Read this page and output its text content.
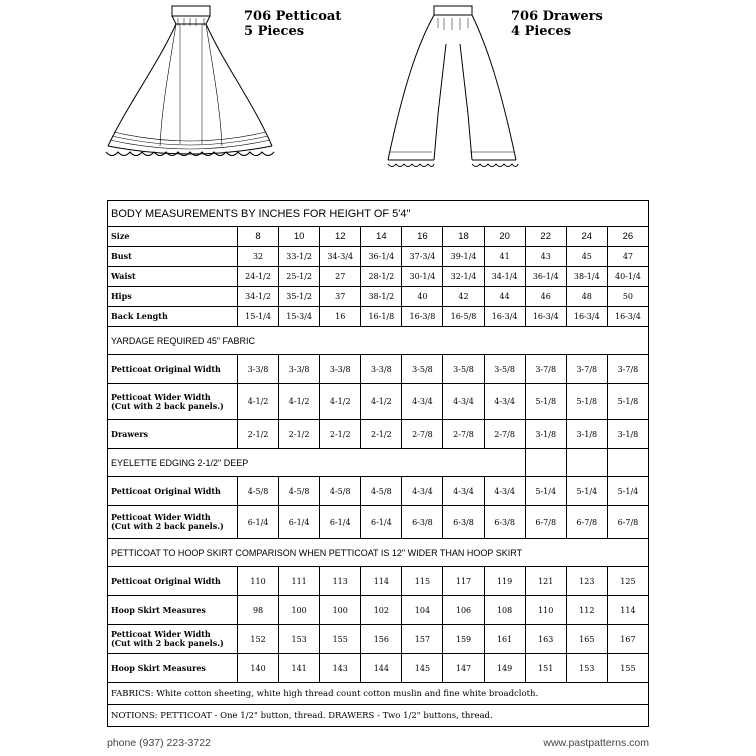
706 Petticoat
5 Pieces
706 Drawers
4 Pieces
BODY MEASUREMENTS BY INCHES FOR HEIGHT OF 5'4"										
Size	8	10	12	14	16	18	20	22	24	26
Bust	32	33-1/2	34-3/4	36-1/4	37-3/4	39-1/4	41	43	45	47
Waist	24-1/2	25-1/2	27	28-1/2	30-1/4	32-1/4	34-1/4	36-1/4	38-1/4	40-1/4
Hips	34-1/2	35-1/2	37	38-1/2	40	42	44	46	48	50
Back Length	15-1/4	15-3/4	16	16-1/8	16-3/8	16-5/8	16-3/4	16-3/4	16-3/4	16-3/4
YARDAGE REQUIRED 45" FABRIC										
Petticoat Original Width	3-3/8	3-3/8	3-3/8	3-3/8	3-5/8	3-5/8	3-5/8	3-7/8	3-7/8	3-7/8
Petticoat Wider Width
(Cut with 2 back panels.)	4-1/2	4-1/2	4-1/2	4-1/2	4-3/4	4-3/4	4-3/4	5-1/8	5-1/8	5-1/8
Drawers	2-1/2	2-1/2	2-1/2	2-1/2	2-7/8	2-7/8	2-7/8	3-1/8	3-1/8	3-1/8
EYELETTE EDGING 2-1/2" DEEP										
Petticoat Original Width	4-5/8	4-5/8	4-5/8	4-5/8	4-3/4	4-3/4	4-3/4	5-1/4	5-1/4	5-1/4
Petticoat Wider Width
(Cut with 2 back panels.)	6-1/4	6-1/4	6-1/4	6-1/4	6-3/8	6-3/8	6-3/8	6-7/8	6-7/8	6-7/8
PETTICOAT TO HOOP SKIRT COMPARISON WHEN PETTICOAT IS 12" WIDER THAN HOOP SKIRT										
Petticoat Original Width	110	111	113	114	115	117	119	121	123	125
Hoop Skirt Measures	98	100	100	102	104	106	108	110	112	114
Petticoat Wider Width
(Cut with 2 back panels.)	152	153	155	156	157	159	161	163	165	167
Hoop Skirt Measures	140	141	143	144	145	147	149	151	153	155
FABRICS: White cotton sheeting, white high thread count cotton muslin and fine white broadcloth.										
NOTIONS: PETTICOAT - One 1/2" button, thread. DRAWERS - Two 1/2" buttons, thread.										
phone (937) 223-3722	www.pastpatterns.com
